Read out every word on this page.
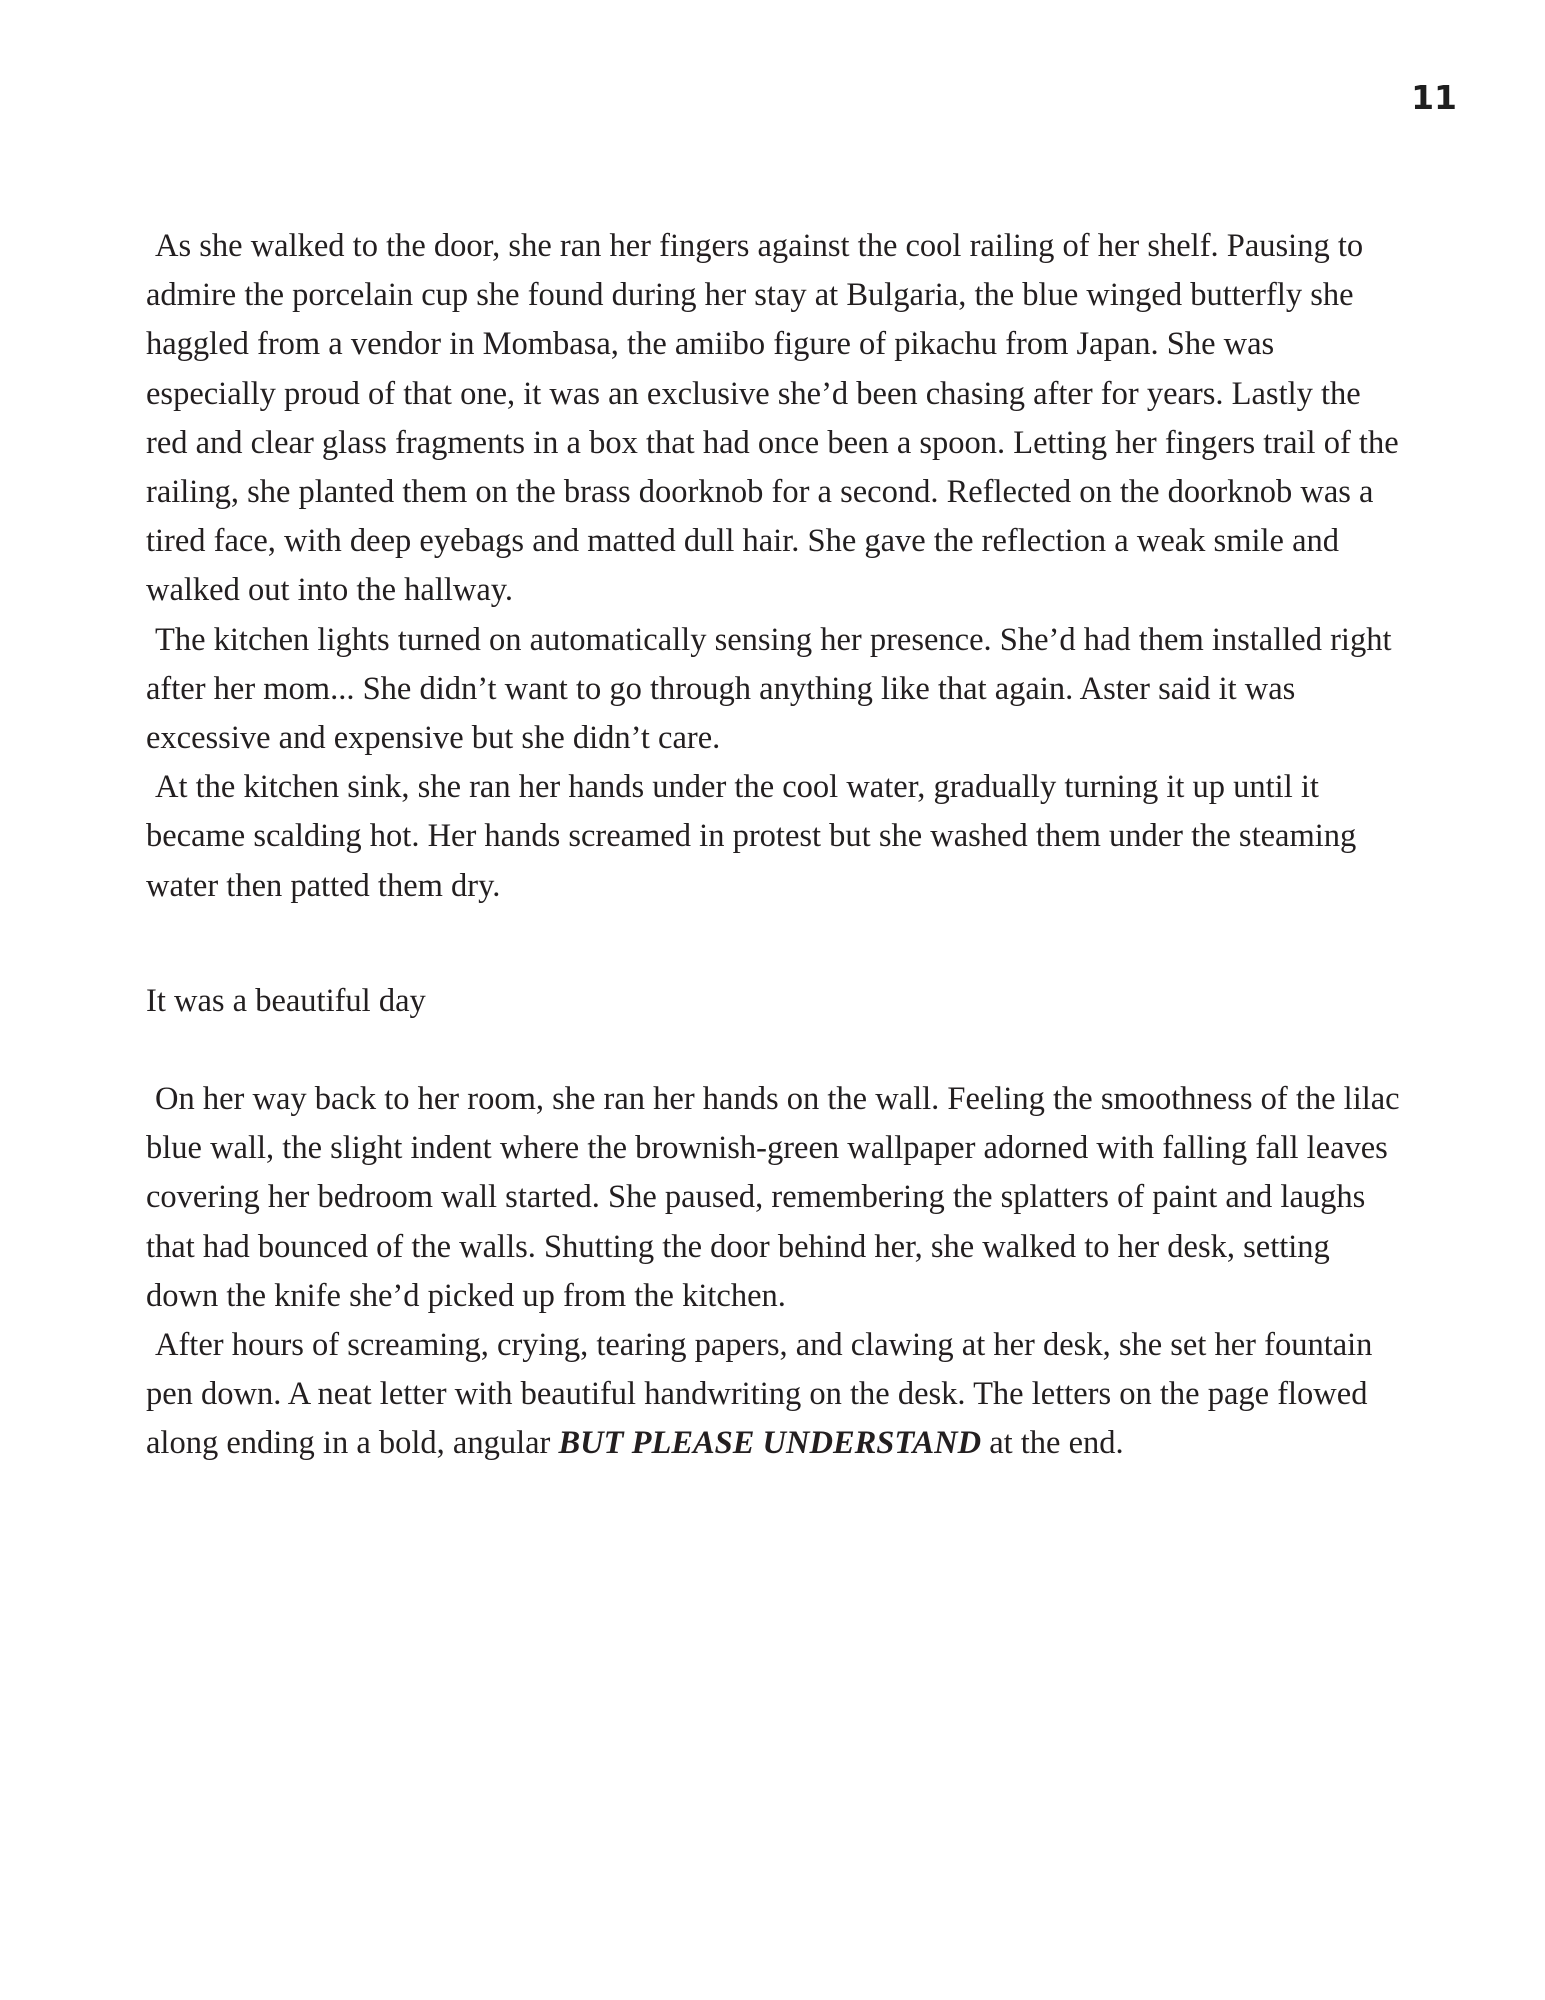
11

As she walked to the door, she ran her fingers against the cool railing of her shelf. Pausing to admire the porcelain cup she found during her stay at Bulgaria, the blue winged butterfly she haggled from a vendor in Mombasa, the amiibo figure of pikachu from Japan. She was especially proud of that one, it was an exclusive she’d been chasing after for years. Lastly the red and clear glass fragments in a box that had once been a spoon. Letting her fingers trail of the railing, she planted them on the brass doorknob for a second. Reflected on the doorknob was a tired face, with deep eyebags and matted dull hair. She gave the reflection a weak smile and walked out into the hallway.

The kitchen lights turned on automatically sensing her presence. She’d had them installed right after her mom... She didn’t want to go through anything like that again. Aster said it was excessive and expensive but she didn’t care.

At the kitchen sink, she ran her hands under the cool water, gradually turning it up until it became scalding hot. Her hands screamed in protest but she washed them under the steaming water then patted them dry.

It was a beautiful day

On her way back to her room, she ran her hands on the wall. Feeling the smoothness of the lilac blue wall, the slight indent where the brownish-green wallpaper adorned with falling fall leaves covering her bedroom wall started. She paused, remembering the splatters of paint and laughs that had bounced of the walls. Shutting the door behind her, she walked to her desk, setting down the knife she’d picked up from the kitchen.

After hours of screaming, crying, tearing papers, and clawing at her desk, she set her fountain pen down. A neat letter with beautiful handwriting on the desk. The letters on the page flowed along ending in a bold, angular BUT PLEASE UNDERSTAND at the end.
